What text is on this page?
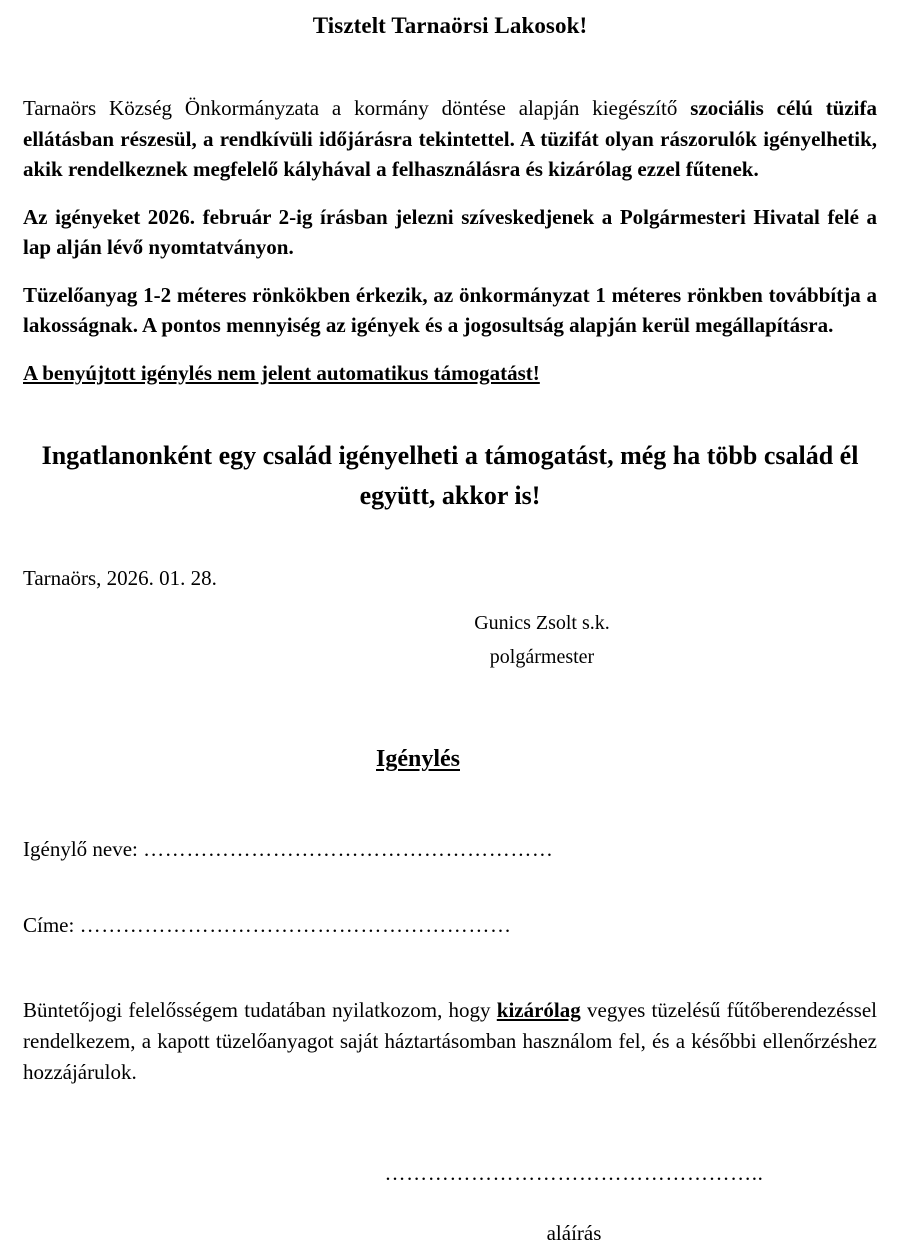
Tisztelt Tarnaörsi Lakosok!

Tarnaörs Község Önkormányzata a kormány döntése alapján kiegészítő szociális célú tüzifa ellátásban részesül, a rendkívüli időjárásra tekintettel. A tüzifát olyan rászorulók igényelhetik, akik rendelkeznek megfelelő kályhával a felhasználásra és kizárólag ezzel fűtenek.

Az igényeket 2026. február 2-ig írásban jelezni szíveskedjenek a Polgármesteri Hivatal felé a lap alján lévő nyomtatványon.

Tüzelőanyag 1-2 méteres rönkökben érkezik, az önkormányzat 1 méteres rönkben továbbítja a lakosságnak. A pontos mennyiség az igények és a jogosultság alapján kerül megállapításra.

A benyújtott igénylés nem jelent automatikus támogatást!

Ingatlanonként egy család igényelheti a támogatást, még ha több család él együtt, akkor is!

Tarnaörs, 2026. 01. 28.

Gunics Zsolt s.k.
polgármester
Igénylés

Igénylő neve: …………………………………………………

Címe: ……………………………………………………

Büntetőjogi felelősségem tudatában nyilatkozom, hogy kizárólag vegyes tüzelésű fűtőberendezéssel rendelkezem, a kapott tüzelőanyagot saját háztartásomban használom fel, és a későbbi ellenőrzéshez hozzájárulok.

……………………………………………..
aláírás
